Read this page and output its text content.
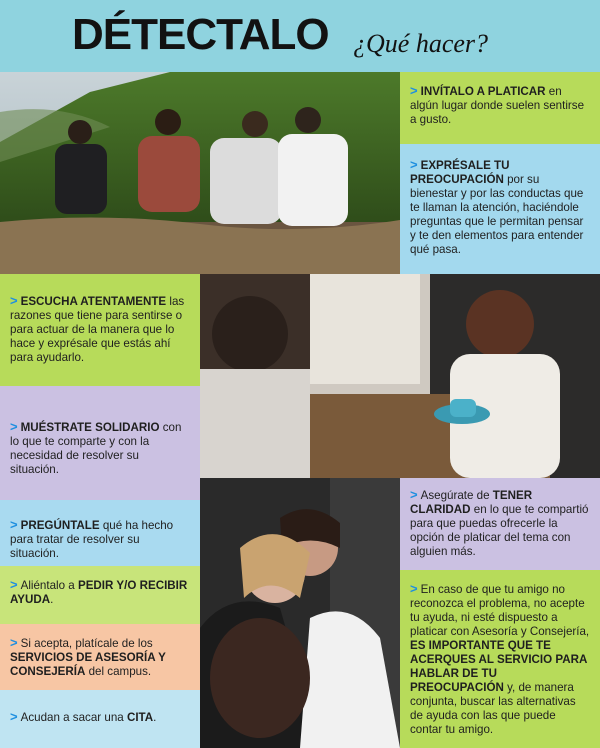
DÉTECTALO ¿Qué hacer?
> INVÍTALO A PLATICAR en algún lugar donde suelen sentirse a gusto.
> EXPRÉSALE TU PREOCUPACIÓN por su bienestar y por las conductas que te llaman la atención, haciéndole preguntas que le permitan pensar y te den elementos para entender qué pasa.
> ESCUCHA ATENTAMENTE las razones que tiene para sentirse o para actuar de la manera que lo hace y exprésale que estás ahí para ayudarlo.
> MUÉSTRATE SOLIDARIO con lo que te comparte y con la necesidad de resolver su situación.
> PREGÚNTALE qué ha hecho para tratar de resolver su situación.
> Aliéntalo a PEDIR Y/O RECIBIR AYUDA.
> Si acepta, platícale de los SERVICIOS DE ASESORÍA Y CONSEJERÍA del campus.
> Acudan a sacar una CITA.
> Asegúrate de TENER CLARIDAD en lo que te compartió para que puedas ofrecerle la opción de platicar del tema con alguien más.
> En caso de que tu amigo no reconozca el problema, no acepte tu ayuda, ni esté dispuesto a platicar con Asesoría y Consejería, ES IMPORTANTE QUE TE ACERQUES AL SERVICIO PARA HABLAR DE TU PREOCUPACIÓN y, de manera conjunta, buscar las alternativas de ayuda con las que puede contar tu amigo.
